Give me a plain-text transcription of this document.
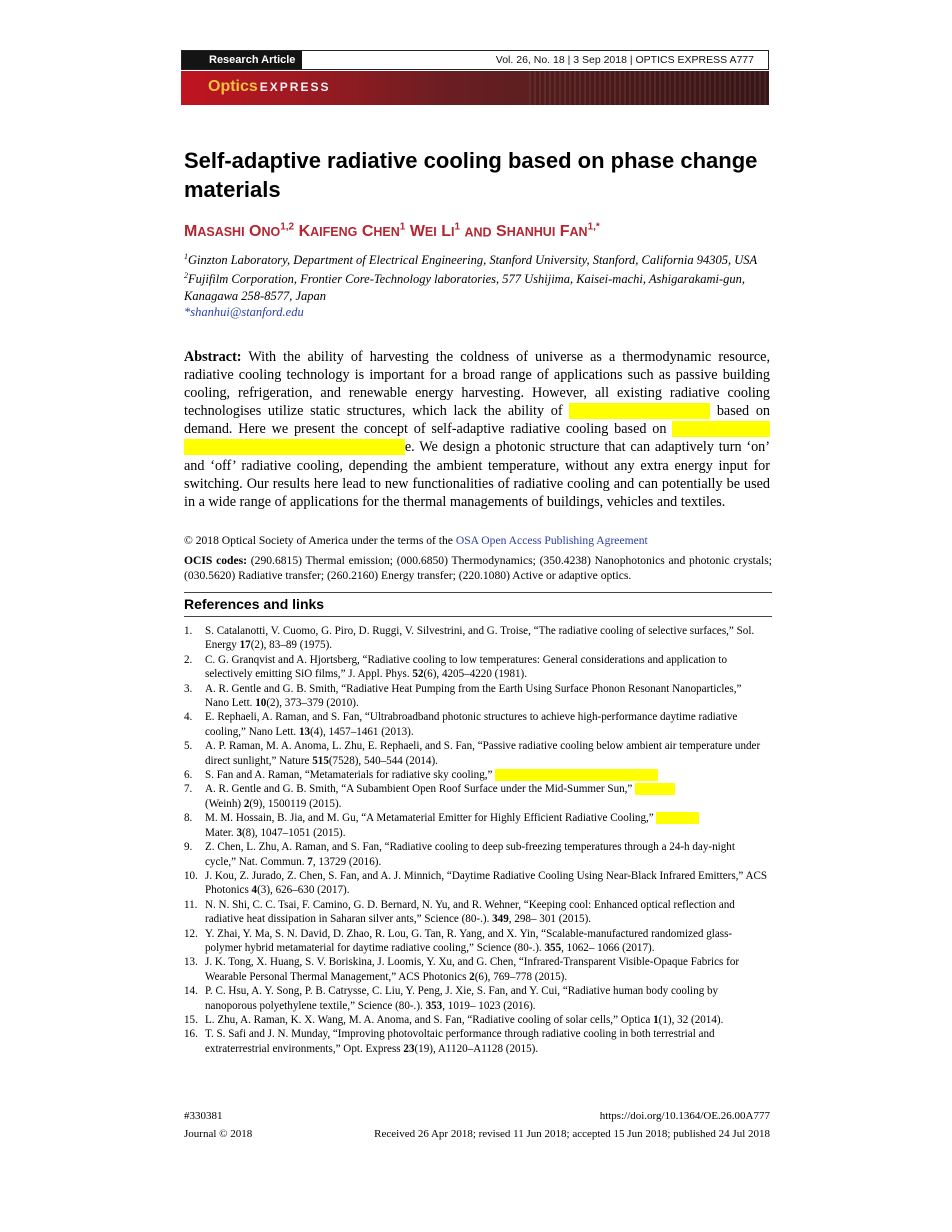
Research Article	Vol. 26, No. 18 | 3 Sep 2018 | OPTICS EXPRESS A777
Optics EXPRESS
Self-adaptive radiative cooling based on phase change materials
MASASHI ONO$^{1,2}$ KAIFENG CHEN$^1$ WEI $LI^1$ AND SHANHUI $FAN^{1,*}$
$^1$Ginzton Laboratory, Department of Electrical Engineering, Stanford University, Stanford, California 94305, USA
$^2$Fujifilm Corporation, Frontier Core-Technology laboratories, 577 Ushijima, Kaisei-machi, Ashigarakami-gun, Kanagawa 258-8577, Japan
*shanhui@stanford.edu

Abstract: With the ability of harvesting the coldness of universe as a thermodynamic resource, radiative cooling technology is important for a broad range of applications such as passive building cooling, refrigeration, and renewable energy harvesting. However, all existing radiative cooling technologises utilize static structures, which lack the ability of switching it on and off based on demand. Here we present the concept of self-adaptive radiative cooling based on the use of phase change material as the design principle. We design a photonic structure that can adaptively turn ‘on’ and ‘off’ radiative cooling, depending the ambient temperature, without any extra energy input for switching. Our results here lead to new functionalities of radiative cooling and can potentially be used in a wide range of applications for the thermal managements of buildings, vehicles and textiles.

© 2018 Optical Society of America under the terms of the OSA Open Access Publishing Agreement
OCIS codes: (290.6815) Thermal emission; (000.6850) Thermodynamics; (350.4238) Nanophotonics and photonic crystals; (030.5620) Radiative transfer; (260.2160) Energy transfer; (220.1080) Active or adaptive optics.
References and links
1. S. Catalanotti, V. Cuomo, G. Piro, D. Ruggi, V. Silvestrini, and G. Troise, “The radiative cooling of selective surfaces,” Sol. Energy 17(2), 83–89 (1975).
2. C. G. Granqvist and A. Hjortsberg, “Radiative cooling to low temperatures: General considerations and application to selectively emitting SiO films,” J. Appl. Phys. 52(6), 4205–4220 (1981).
3. A. R. Gentle and G. B. Smith, “Radiative Heat Pumping from the Earth Using Surface Phonon Resonant Nanoparticles,” Nano Lett. 10(2), 373–379 (2010).
4. E. Rephaeli, A. Raman, and S. Fan, “Ultrabroadband photonic structures to achieve high-performance daytime radiative cooling,” Nano Lett. 13(4), 1457–1461 (2013).
5. A. P. Raman, M. A. Anoma, L. Zhu, E. Rephaeli, and S. Fan, “Passive radiative cooling below ambient air temperature under direct sunlight,” Nature 515(7528), 540–544 (2014).
6. S. Fan and A. Raman, “Metamaterials for radiative sky cooling,” Natl. Sci. Rev. 5(2), 132–133 (2018)
7. A. R. Gentle and G. B. Smith, “A Subambient Open Roof Surface under the Mid-Summer Sun,” Adv. Sci.
(Weinh) 2(9), 1500119 (2015).
8. M. M. Hossain, B. Jia, and M. Gu, “A Metamaterial Emitter for Highly Efficient Radiative Cooling,” Adv. Opt.
Mater. 3(8), 1047–1051 (2015).
9. Z. Chen, L. Zhu, A. Raman, and S. Fan, “Radiative cooling to deep sub-freezing temperatures through a 24-h day-night cycle,” Nat. Commun. 7, 13729 (2016).
10. J. Kou, Z. Jurado, Z. Chen, S. Fan, and A. J. Minnich, “Daytime Radiative Cooling Using Near-Black Infrared Emitters,” ACS Photonics 4(3), 626–630 (2017).
11. N. N. Shi, C. C. Tsai, F. Camino, G. D. Bernard, N. Yu, and R. Wehner, “Keeping cool: Enhanced optical reflection and radiative heat dissipation in Saharan silver ants,” Science (80-.). 349, 298– 301 (2015).
12. Y. Zhai, Y. Ma, S. N. David, D. Zhao, R. Lou, G. Tan, R. Yang, and X. Yin, “Scalable-manufactured randomized glass-polymer hybrid metamaterial for daytime radiative cooling,” Science (80-.). 355, 1062– 1066 (2017).
13. J. K. Tong, X. Huang, S. V. Boriskina, J. Loomis, Y. Xu, and G. Chen, “Infrared-Transparent Visible-Opaque Fabrics for Wearable Personal Thermal Management,” ACS Photonics 2(6), 769–778 (2015).
14. P. C. Hsu, A. Y. Song, P. B. Catrysse, C. Liu, Y. Peng, J. Xie, S. Fan, and Y. Cui, “Radiative human body cooling by nanoporous polyethylene textile,” Science (80-.). 353, 1019– 1023 (2016).
15. L. Zhu, A. Raman, K. X. Wang, M. A. Anoma, and S. Fan, “Radiative cooling of solar cells,” Optica 1(1), 32 (2014).
16. T. S. Safi and J. N. Munday, “Improving photovoltaic performance through radiative cooling in both terrestrial and extraterrestrial environments,” Opt. Express 23(19), A1120–A1128 (2015).
#330381	https://doi.org/10.1364/OE.26.00A777
Journal © 2018	Received 26 Apr 2018; revised 11 Jun 2018; accepted 15 Jun 2018; published 24 Jul 2018
